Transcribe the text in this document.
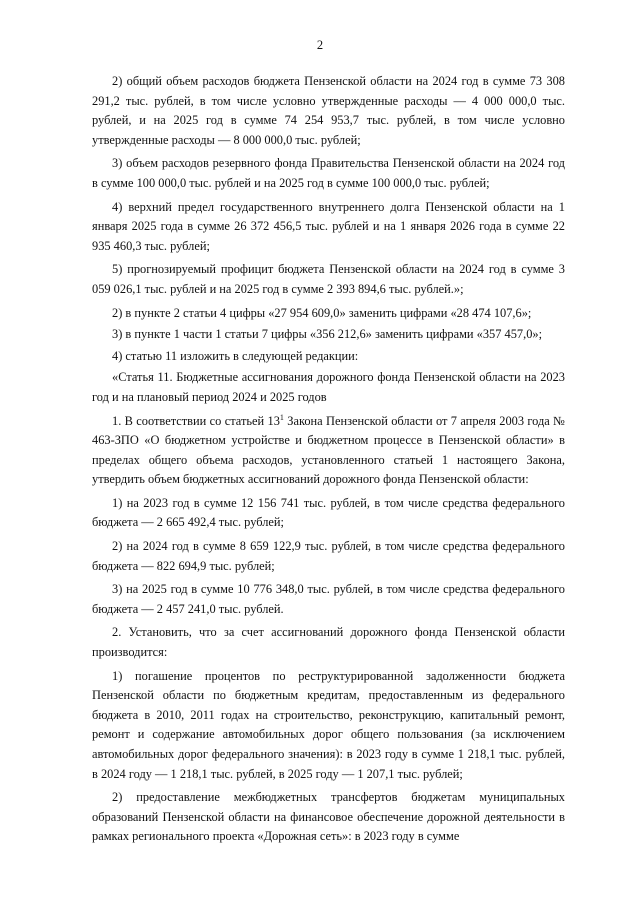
2

2) общий объем расходов бюджета Пензенской области на 2024 год в сумме 73 308 291,2 тыс. рублей, в том числе условно утвержденные расходы — 4 000 000,0 тыс. рублей, и на 2025 год в сумме 74 254 953,7 тыс. рублей, в том числе условно утвержденные расходы — 8 000 000,0 тыс. рублей;

3) объем расходов резервного фонда Правительства Пензенской области на 2024 год в сумме 100 000,0 тыс. рублей и на 2025 год в сумме 100 000,0 тыс. рублей;

4) верхний предел государственного внутреннего долга Пензенской области на 1 января 2025 года в сумме 26 372 456,5 тыс. рублей и на 1 января 2026 года в сумме 22 935 460,3 тыс. рублей;

5) прогнозируемый профицит бюджета Пензенской области на 2024 год в сумме 3 059 026,1 тыс. рублей и на 2025 год в сумме 2 393 894,6 тыс. рублей.»;

2) в пункте 2 статьи 4 цифры «27 954 609,0» заменить цифрами «28 474 107,6»;

3) в пункте 1 части 1 статьи 7 цифры «356 212,6» заменить цифрами «357 457,0»;

4) статью 11 изложить в следующей редакции:

«Статья 11. Бюджетные ассигнования дорожного фонда Пензенской области на 2023 год и на плановый период 2024 и 2025 годов

1. В соответствии со статьей $13^1$ Закона Пензенской области от 7 апреля 2003 года № 463-ЗПО «О бюджетном устройстве и бюджетном процессе в Пензенской области» в пределах общего объема расходов, установленного статьей 1 настоящего Закона, утвердить объем бюджетных ассигнований дорожного фонда Пензенской области:

1) на 2023 год в сумме 12 156 741 тыс. рублей, в том числе средства федерального бюджета — 2 665 492,4 тыс. рублей;

2) на 2024 год в сумме 8 659 122,9 тыс. рублей, в том числе средства федерального бюджета — 822 694,9 тыс. рублей;

3) на 2025 год в сумме 10 776 348,0 тыс. рублей, в том числе средства федерального бюджета — 2 457 241,0 тыс. рублей.

2. Установить, что за счет ассигнований дорожного фонда Пензенской области производится:

1) погашение процентов по реструктурированной задолженности бюджета Пензенской области по бюджетным кредитам, предоставленным из федерального бюджета в 2010, 2011 годах на строительство, реконструкцию, капитальный ремонт, ремонт и содержание автомобильных дорог общего пользования (за исключением автомобильных дорог федерального значения): в 2023 году в сумме 1 218,1 тыс. рублей, в 2024 году — 1 218,1 тыс. рублей, в 2025 году — 1 207,1 тыс. рублей;

2) предоставление межбюджетных трансфертов бюджетам муниципальных образований Пензенской области на финансовое обеспечение дорожной деятельности в рамках регионального проекта «Дорожная сеть»: в 2023 году в сумме
